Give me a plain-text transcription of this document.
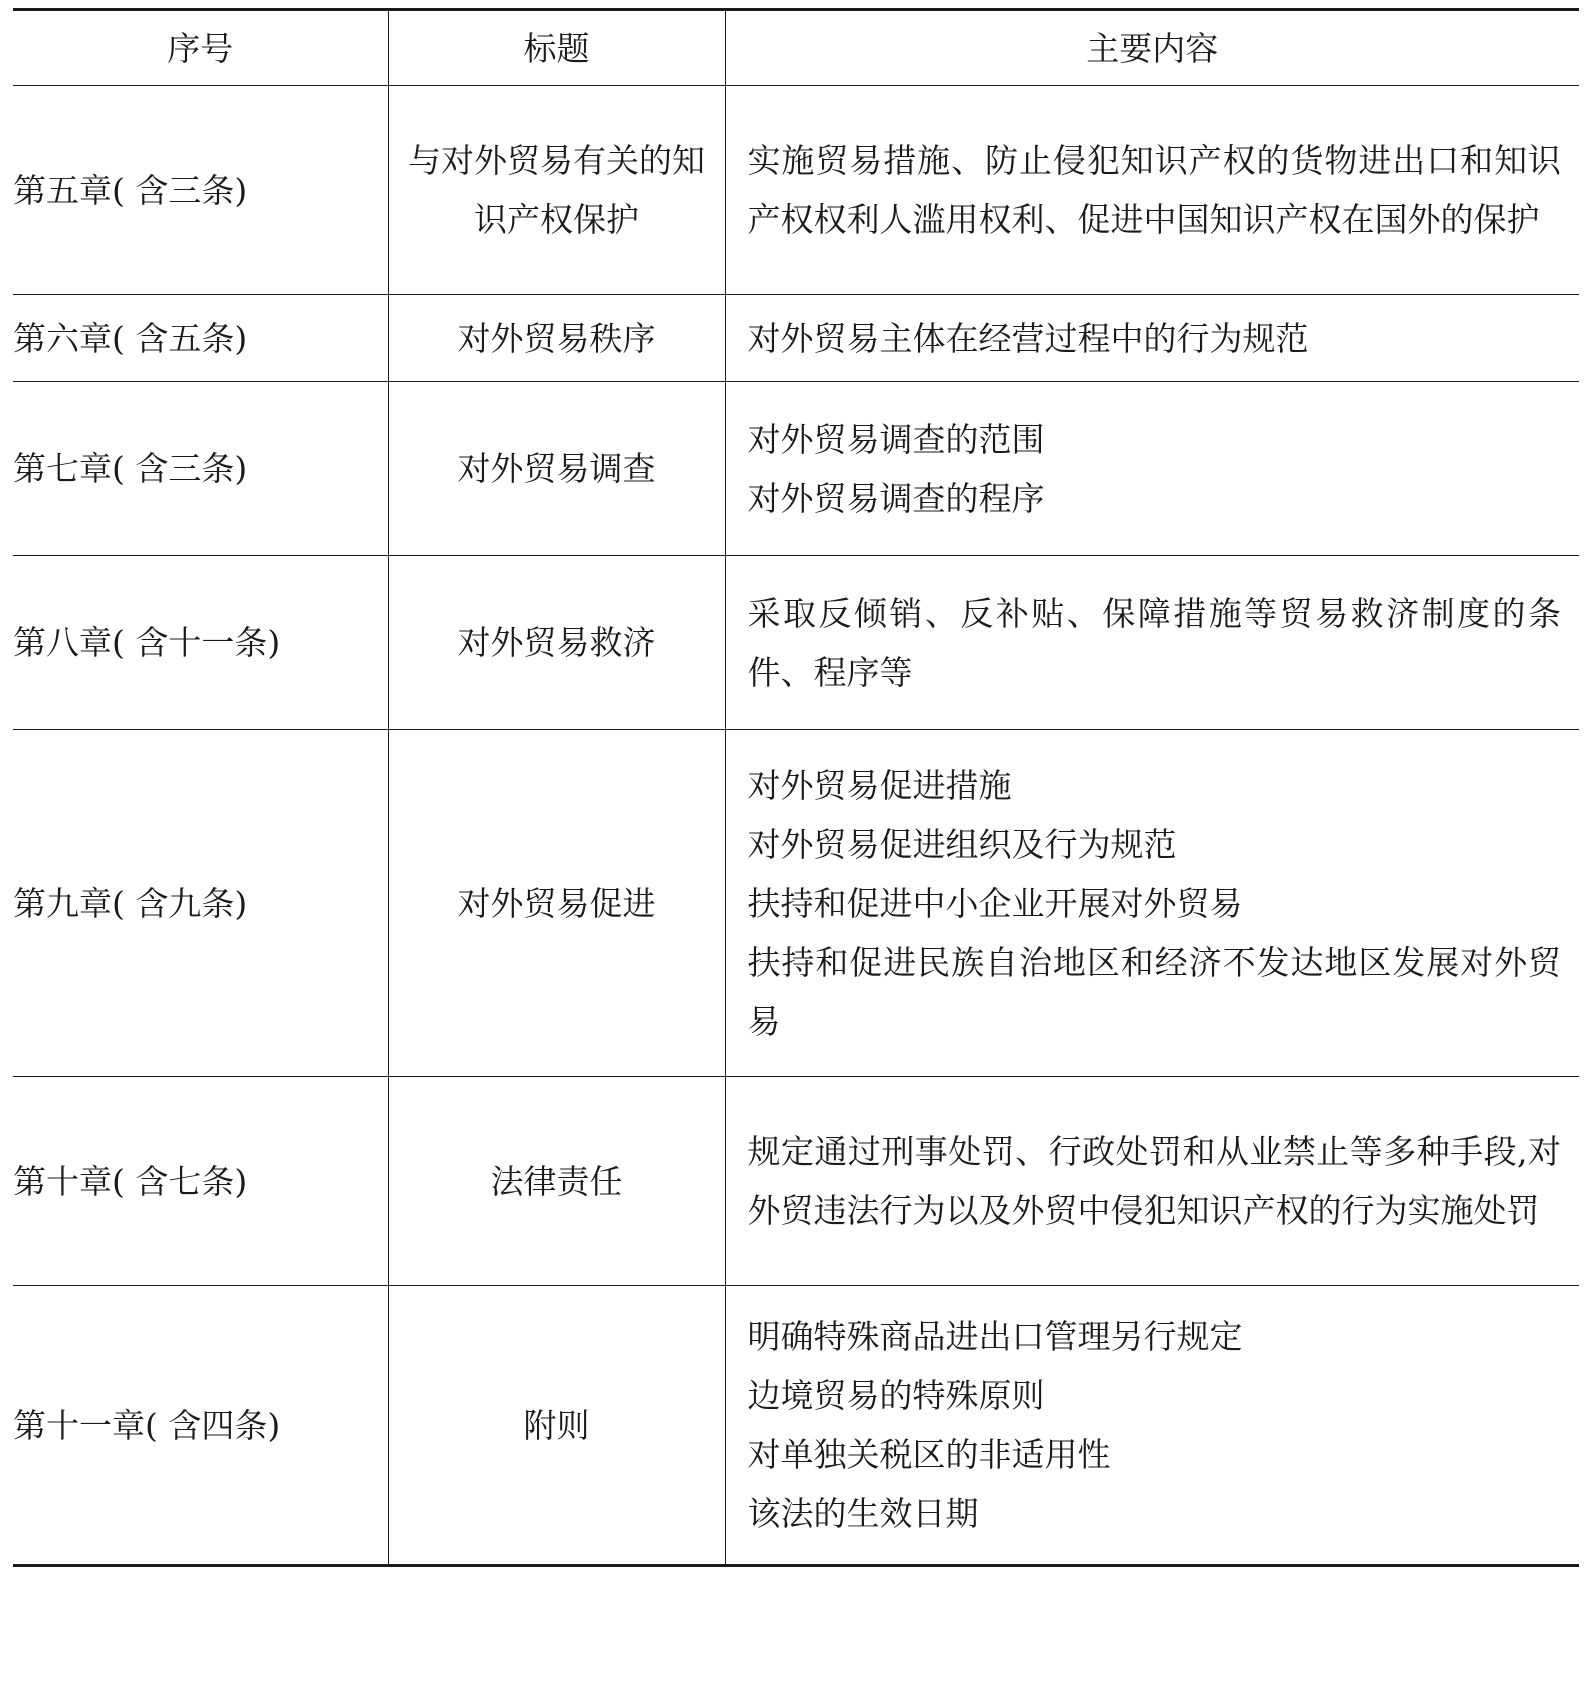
序号	标题	主要内容
第五章( 含三条)	与对外贸易有关的知识产权保护	实施贸易措施、防止侵犯知识产权的货物进出口和知识产权权利人滥用权利、促进中国知识产权在国外的保护

第六章( 含五条)	对外贸易秩序	对外贸易主体在经营过程中的行为规范

第七章( 含三条)	对外贸易调查	对外贸易调查的范围
对外贸易调查的程序

第八章( 含十一条)	对外贸易救济	采取反倾销、反补贴、保障措施等贸易救济制度的条件、程序等

第九章( 含九条)	对外贸易促进	对外贸易促进措施
对外贸易促进组织及行为规范
扶持和促进中小企业开展对外贸易
扶持和促进民族自治地区和经济不发达地区发展对外贸易

第十章( 含七条)	法律责任	规定通过刑事处罚、行政处罚和从业禁止等多种手段,对外贸违法行为以及外贸中侵犯知识产权的行为实施处罚

第十一章( 含四条)	附则	明确特殊商品进出口管理另行规定
边境贸易的特殊原则
对单独关税区的非适用性
该法的生效日期
